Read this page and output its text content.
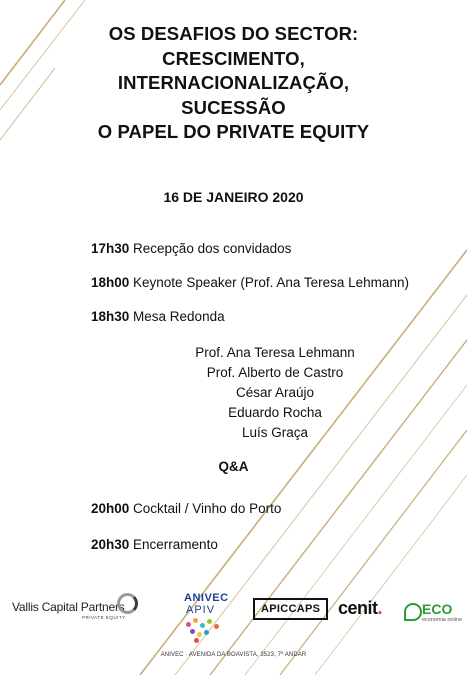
OS DESAFIOS DO SECTOR:
CRESCIMENTO,
INTERNACIONALIZAÇÃO,
SUCESSÃO
O PAPEL DO PRIVATE EQUITY
16 DE JANEIRO 2020
17h30 Recepção dos convidados
18h00 Keynote Speaker (Prof. Ana Teresa Lehmann)
18h30 Mesa Redonda
Prof. Ana Teresa Lehmann
Prof. Alberto de Castro
César Araújo
Eduardo Rocha
Luís Graça
Q&A
20h00 Cocktail / Vinho do Porto
20h30 Encerramento
Vallis Capital Partners
PRIVATE EQUITY
ANIVEC
APIV	APICCAPS cenit.	ECO
economia online
ANIVEC · AVENIDA DA BOAVISTA, 3523, 7º ANDAR
